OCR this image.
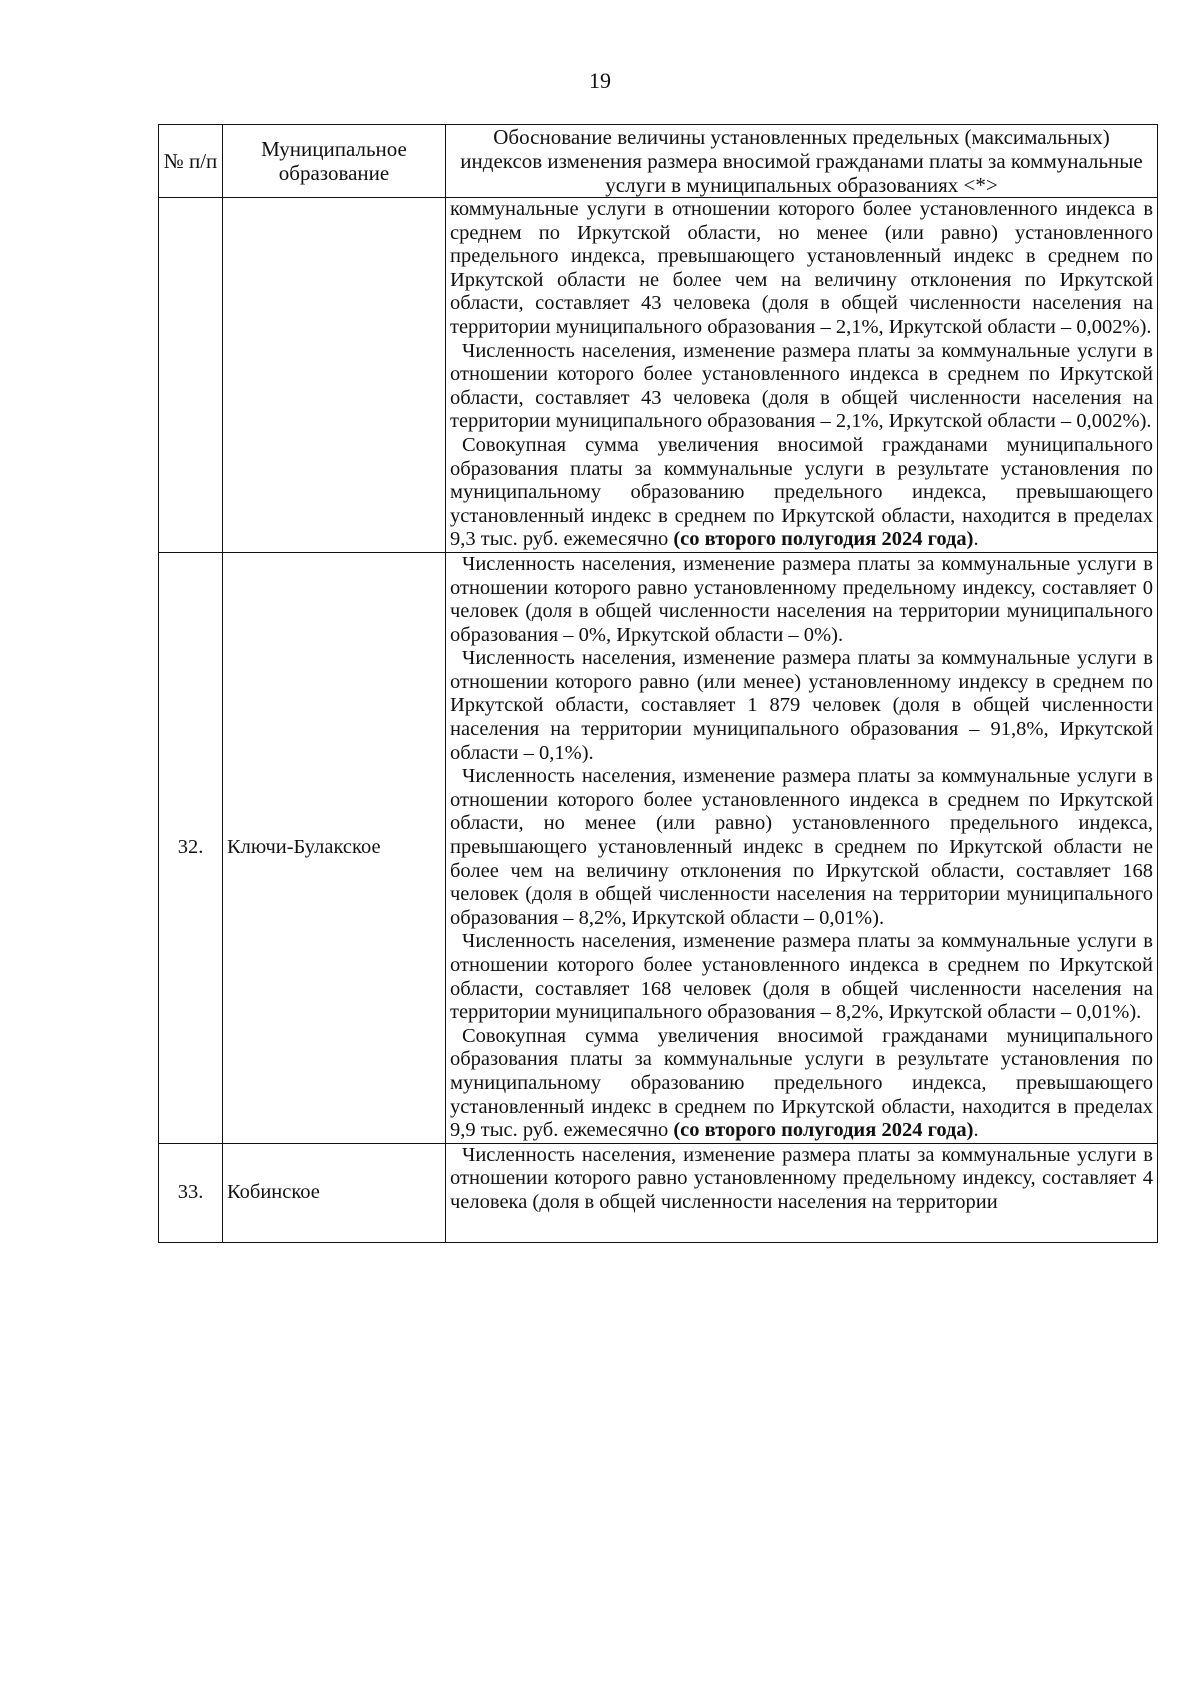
19
№ п/п	Муниципальное образование	Обоснование величины установленных предельных (максимальных) индексов изменения размера вносимой гражданами платы за коммунальные услуги в муниципальных образованиях <*>

		коммунальные услуги в отношении которого более установленного индекса в среднем по Иркутской области, но менее (или равно) установленного предельного индекса, превышающего установленный индекс в среднем по Иркутской области не более чем на величину отклонения по Иркутской области, составляет 43 человека (доля в общей численности населения на территории муниципального образования – 2,1%, Иркутской области – 0,002%).

Численность населения, изменение размера платы за коммунальные услуги в отношении которого более установленного индекса в среднем по Иркутской области, составляет 43 человека (доля в общей численности населения на территории муниципального образования – 2,1%, Иркутской области – 0,002%).

Совокупная сумма увеличения вносимой гражданами муниципального образования платы за коммунальные услуги в результате установления по муниципальному образованию предельного индекса, превышающего установленный индекс в среднем по Иркутской области, находится в пределах 9,3 тыс. руб. ежемесячно (со второго полугодия 2024 года).

32.	Ключи-Булакское	Численность населения, изменение размера платы за коммунальные услуги в отношении которого равно установленному предельному индексу, составляет 0 человек (доля в общей численности населения на территории муниципального образования – 0%, Иркутской области – 0%).

Численность населения, изменение размера платы за коммунальные услуги в отношении которого равно (или менее) установленному индексу в среднем по Иркутской области, составляет 1 879 человек (доля в общей численности населения на территории муниципального образования – 91,8%, Иркутской области – 0,1%).

Численность населения, изменение размера платы за коммунальные услуги в отношении которого более установленного индекса в среднем по Иркутской области, но менее (или равно) установленного предельного индекса, превышающего установленный индекс в среднем по Иркутской области не более чем на величину отклонения по Иркутской области, составляет 168 человек (доля в общей численности населения на территории муниципального образования – 8,2%, Иркутской области – 0,01%).

Численность населения, изменение размера платы за коммунальные услуги в отношении которого более установленного индекса в среднем по Иркутской области, составляет 168 человек (доля в общей численности населения на территории муниципального образования – 8,2%, Иркутской области – 0,01%).

Совокупная сумма увеличения вносимой гражданами муниципального образования платы за коммунальные услуги в результате установления по муниципальному образованию предельного индекса, превышающего установленный индекс в среднем по Иркутской области, находится в пределах 9,9 тыс. руб. ежемесячно (со второго полугодия 2024 года).

33.	Кобинское	Численность населения, изменение размера платы за коммунальные услуги в отношении которого равно установленному предельному индексу, составляет 4 человека (доля в общей численности населения на территории
